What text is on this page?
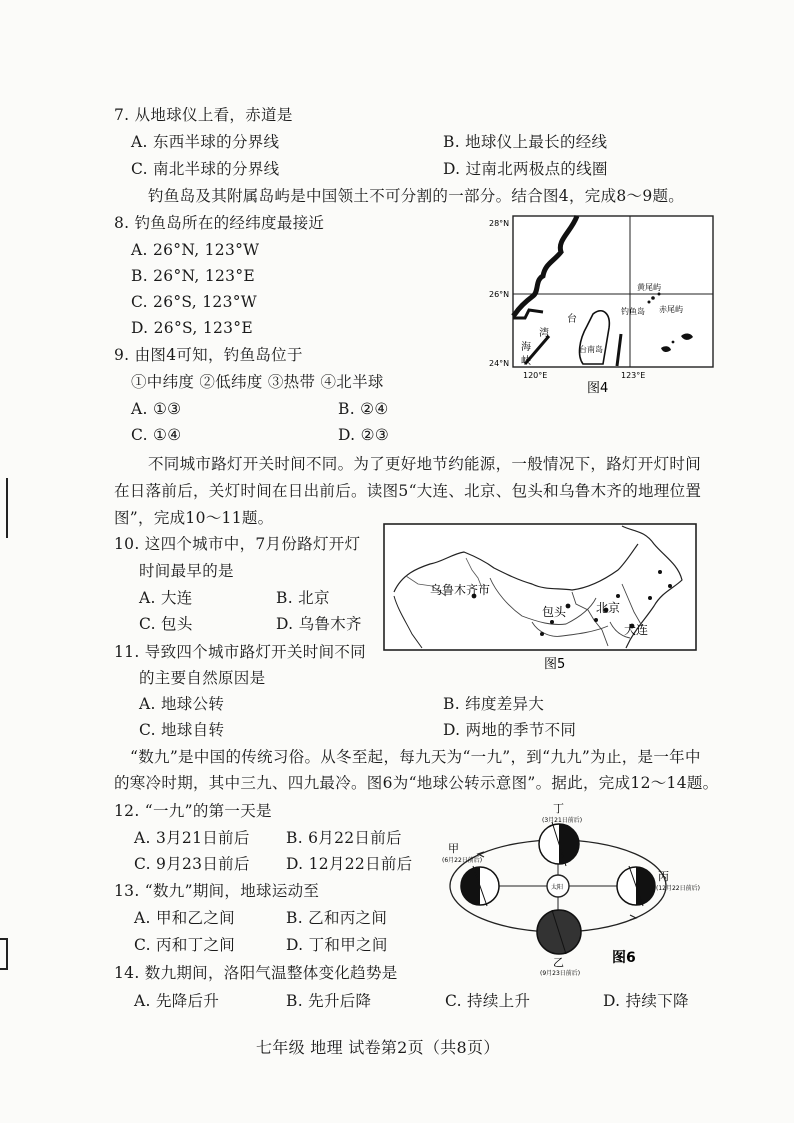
7. 从地球仪上看，赤道是
A. 东西半球的分界线	B. 地球仪上最长的经线
C. 南北半球的分界线	D. 过南北两极点的线圈
钓鱼岛及其附属岛屿是中国领土不可分割的一部分。结合图4，完成8～9题。
8. 钓鱼岛所在的经纬度最接近
A. 26°N, 123°W
B. 26°N, 123°E
C. 26°S, 123°W
D. 26°S, 123°E
9. 由图4可知，钓鱼岛位于
①中纬度 ②低纬度 ③热带 ④北半球
A. ①③	B. ②④
C. ①④	D. ②③
28°N
26°N
24°N
120°E	123°E
黄尾屿
钓鱼岛 赤尾屿
台
湾
台南岛
海
峡
图4
不同城市路灯开关时间不同。为了更好地节约能源，一般情况下，路灯开灯时间
在日落前后，关灯时间在日出前后。读图5“大连、北京、包头和乌鲁木齐的地理位置
图”，完成10～11题。
10. 这四个城市中，7月份路灯开灯
时间最早的是
A. 大连	B. 北京
C. 包头	D. 乌鲁木齐
乌鲁木齐市
包头 北京
大连
图5
11. 导致四个城市路灯开关时间不同
的主要自然原因是
A. 地球公转	B. 纬度差异大
C. 地球自转	D. 两地的季节不同
“数九”是中国的传统习俗。从冬至起，每九天为“一九”，到“九九”为止，是一年中
的寒冷时期，其中三九、四九最冷。图6为“地球公转示意图”。据此，完成12～14题。
12. “一九”的第一天是
A. 3月21日前后 B. 6月22日前后
C. 9月23日前后 D. 12月22日前后
13. “数九”期间，地球运动至
A. 甲和乙之间	B. 乙和丙之间
C. 丙和丁之间	D. 丁和甲之间
丁
(3月21日前后)
甲
(6月22日前后)
丙
(12月22日前后)
乙
(9月23日前后)
太阳
图6
14. 数九期间，洛阳气温整体变化趋势是
A. 先降后升	B. 先升后降	C. 持续上升	D. 持续下降
七年级 地理 试卷第2页（共8页）
